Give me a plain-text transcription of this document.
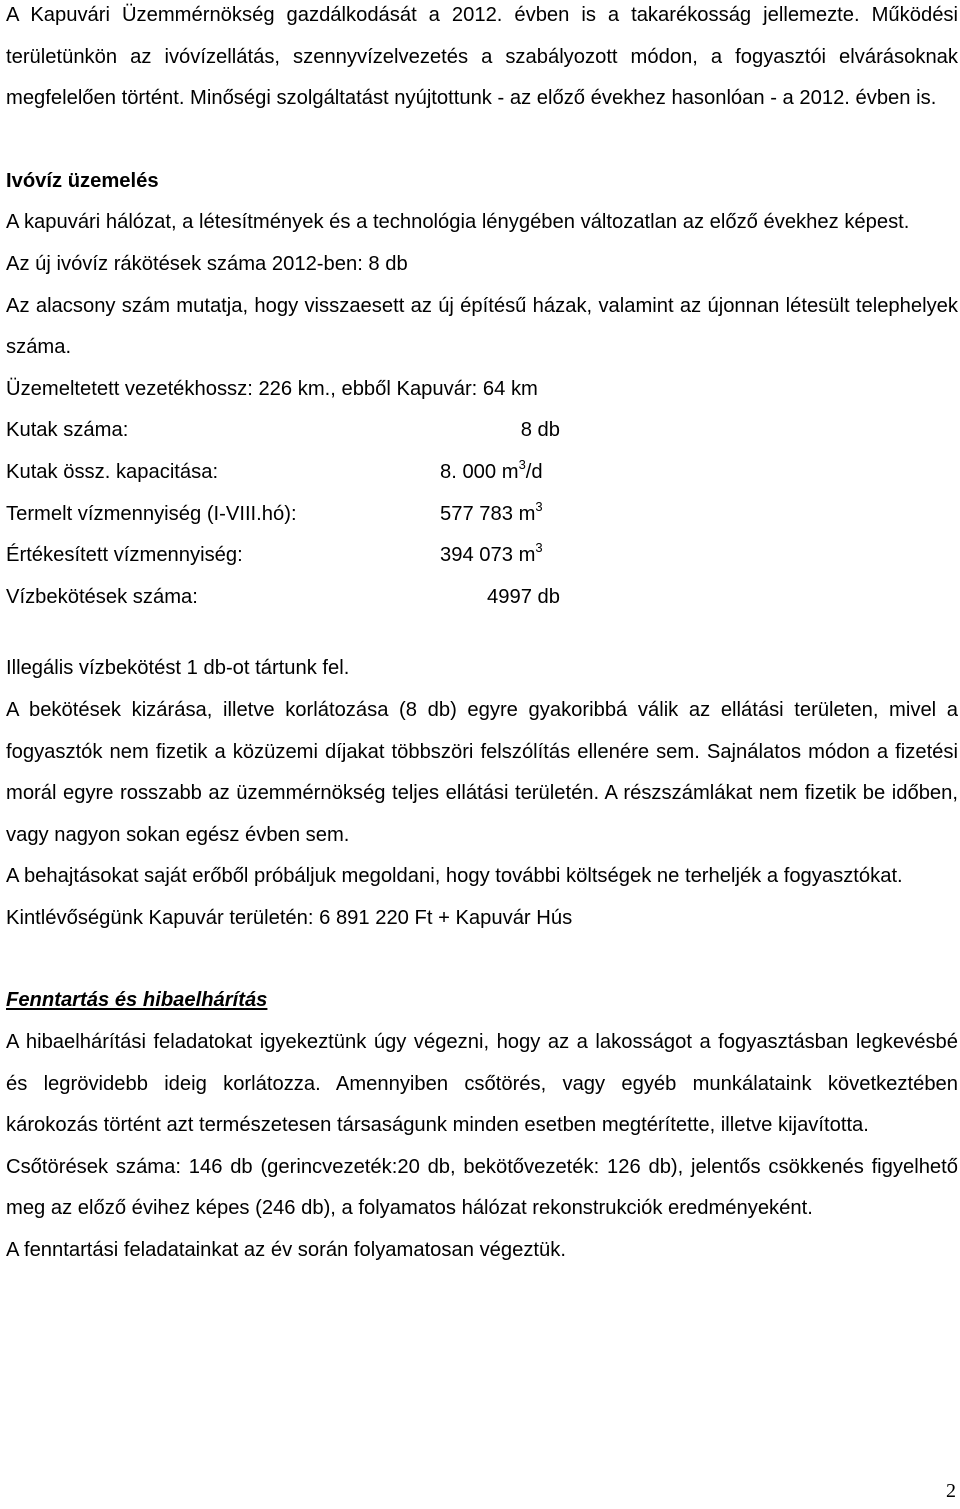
A Kapuvári Üzemmérnökség gazdálkodását a 2012. évben is a takarékosság jellemezte. Működési területünkön az ivóvízellátás, szennyvízelvezetés a szabályozott módon, a fogyasztói elvárásoknak megfelelően történt. Minőségi szolgáltatást nyújtottunk - az előző évekhez hasonlóan - a 2012. évben is.

Ivóvíz üzemelés

A kapuvári hálózat, a létesítmények és a technológia lénygében változatlan az előző évekhez képest.

Az új ivóvíz rákötések száma 2012-ben: 8 db

Az alacsony szám mutatja, hogy visszaesett az új építésű házak, valamint az újonnan létesült telephelyek száma.

Üzemeltetett vezetékhossz: 226 km., ebből Kapuvár: 64 km

Kutak száma:	8 db
Kutak össz. kapacitása:	8. 000 $m^3/d$
Termelt vízmennyiség (I-VIII.hó):	577 783 $m^3$
Értékesített vízmennyiség:	394 073 $m^3$
Vízbekötések száma:	4997 db

Illegális vízbekötést 1 db-ot tártunk fel.

A bekötések kizárása, illetve korlátozása (8 db) egyre gyakoribbá válik az ellátási területen, mivel a fogyasztók nem fizetik a közüzemi díjakat többszöri felszólítás ellenére sem. Sajnálatos módon a fizetési morál egyre rosszabb az üzemmérnökség teljes ellátási területén. A részszámlákat nem fizetik be időben, vagy nagyon sokan egész évben sem.

A behajtásokat saját erőből próbáljuk megoldani, hogy további költségek ne terheljék a fogyasztókat.

Kintlévőségünk Kapuvár területén: 6 891 220 Ft + Kapuvár Hús

Fenntartás és hibaelhárítás

A hibaelhárítási feladatokat igyekeztünk úgy végezni, hogy az a lakosságot a fogyasztásban legkevésbé és legrövidebb ideig korlátozza. Amennyiben csőtörés, vagy egyéb munkálataink következtében károkozás történt azt természetesen társaságunk minden esetben megtérítette, illetve kijavította.

Csőtörések száma: 146 db (gerincvezeték:20 db, bekötővezeték: 126 db), jelentős csökkenés figyelhető meg az előző évihez képes (246 db), a folyamatos hálózat rekonstrukciók eredményeként.

A fenntartási feladatainkat az év során folyamatosan végeztük.

2
